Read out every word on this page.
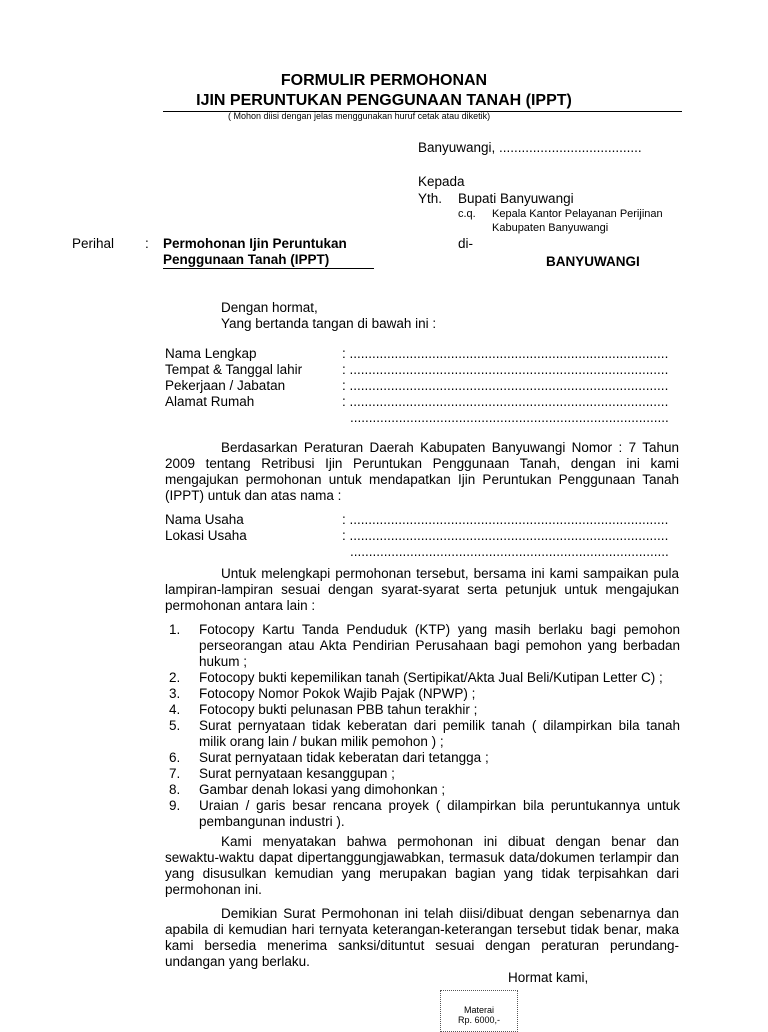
FORMULIR PERMOHONAN
IJIN PERUNTUKAN PENGGUNAAN TANAH (IPPT)
( Mohon diisi dengan jelas menggunakan huruf cetak atau diketik)
Banyuwangi, ......................................
Kepada
Yth. Bupati Banyuwangi
c.q. Kepala Kantor Pelayanan Perijinan
Kabupaten Banyuwangi
di-
BANYUWANGI
Perihal : Permohonan Ijin Peruntukan
Penggunaan Tanah (IPPT)
Dengan hormat,
Yang bertanda tangan di bawah ini :
Nama Lengkap	: .....................................................................................
Tempat & Tanggal lahir	: .....................................................................................
Pekerjaan / Jabatan	: .....................................................................................
Alamat Rumah	: .....................................................................................
.....................................................................................
Berdasarkan Peraturan Daerah Kabupaten Banyuwangi Nomor : 7 Tahun 2009 tentang Retribusi Ijin Peruntukan Penggunaan Tanah, dengan ini kami mengajukan permohonan untuk mendapatkan Ijin Peruntukan Penggunaan Tanah (IPPT) untuk dan atas nama :
Nama Usaha	: .....................................................................................
Lokasi Usaha	: .....................................................................................
.....................................................................................
Untuk melengkapi permohonan tersebut, bersama ini kami sampaikan pula lampiran-lampiran sesuai dengan syarat-syarat serta petunjuk untuk mengajukan permohonan antara lain :
1. Fotocopy Kartu Tanda Penduduk (KTP) yang masih berlaku bagi pemohon perseorangan atau Akta Pendirian Perusahaan bagi pemohon yang berbadan hukum ;
2. Fotocopy bukti kepemilikan tanah (Sertipikat/Akta Jual Beli/Kutipan Letter C) ;
3. Fotocopy Nomor Pokok Wajib Pajak (NPWP) ;
4. Fotocopy bukti pelunasan PBB tahun terakhir ;
5. Surat pernyataan tidak keberatan dari pemilik tanah ( dilampirkan bila tanah milik orang lain / bukan milik pemohon ) ;
6. Surat pernyataan tidak keberatan dari tetangga ;
7. Surat pernyataan kesanggupan ;
8. Gambar denah lokasi yang dimohonkan ;
9. Uraian / garis besar rencana proyek ( dilampirkan bila peruntukannya untuk pembangunan industri ).
Kami menyatakan bahwa permohonan ini dibuat dengan benar dan sewaktu-waktu dapat dipertanggungjawabkan, termasuk data/dokumen terlampir dan yang disusulkan kemudian yang merupakan bagian yang tidak terpisahkan dari permohonan ini.
Demikian Surat Permohonan ini telah diisi/dibuat dengan sebenarnya dan apabila di kemudian hari ternyata keterangan-keterangan tersebut tidak benar, maka kami bersedia menerima sanksi/dituntut sesuai dengan peraturan perundang-undangan yang berlaku.
Hormat kami,
Materai
Rp. 6000,-
